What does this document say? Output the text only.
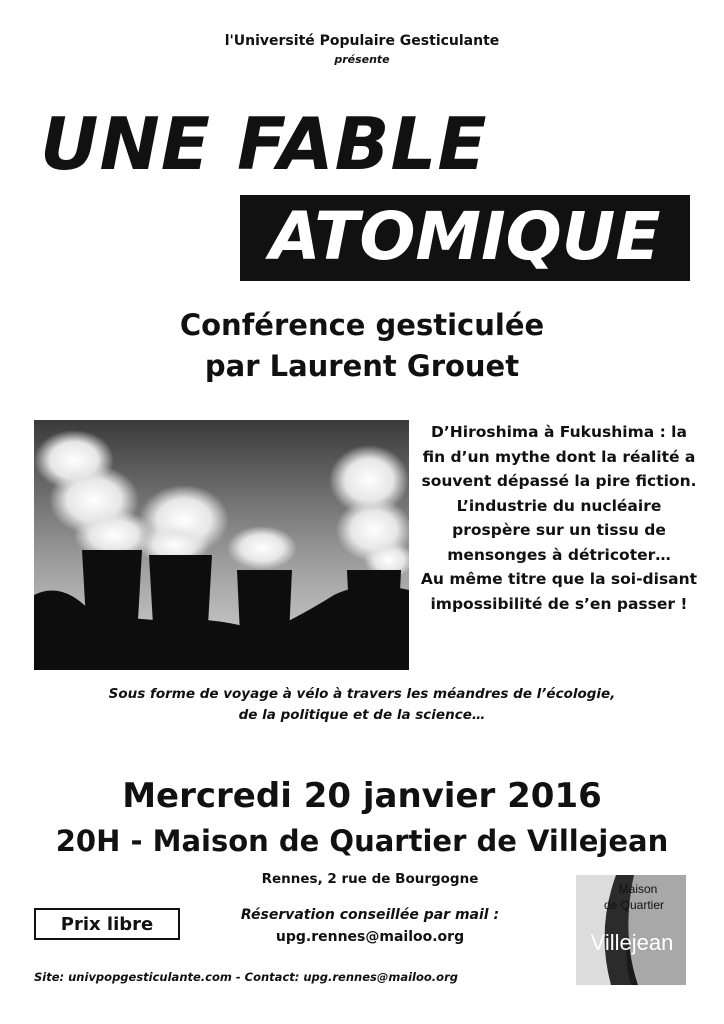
l'Université Populaire Gesticulante
présente
UNE FABLE
ATOMIQUE
Conférence gesticulée
par Laurent Grouet

D’Hiroshima à Fukushima : la fin d’un mythe dont la réalité a souvent dépassé la pire fiction. L’industrie du nucléaire prospère sur un tissu de mensonges à détricoter…

Au même titre que la soi-disant impossibilité de s’en passer !

Sous forme de voyage à vélo à travers les méandres de l’écologie,
de la politique et de la science…
Mercredi 20 janvier 2016
20H - Maison de Quartier de Villejean
Rennes, 2 rue de Bourgogne
Prix libre	Réservation conseillée par mail :
upg.rennes@mailoo.org
Maison
de Quartier
Villejean
Site: univpopgesticulante.com - Contact: upg.rennes@mailoo.org
